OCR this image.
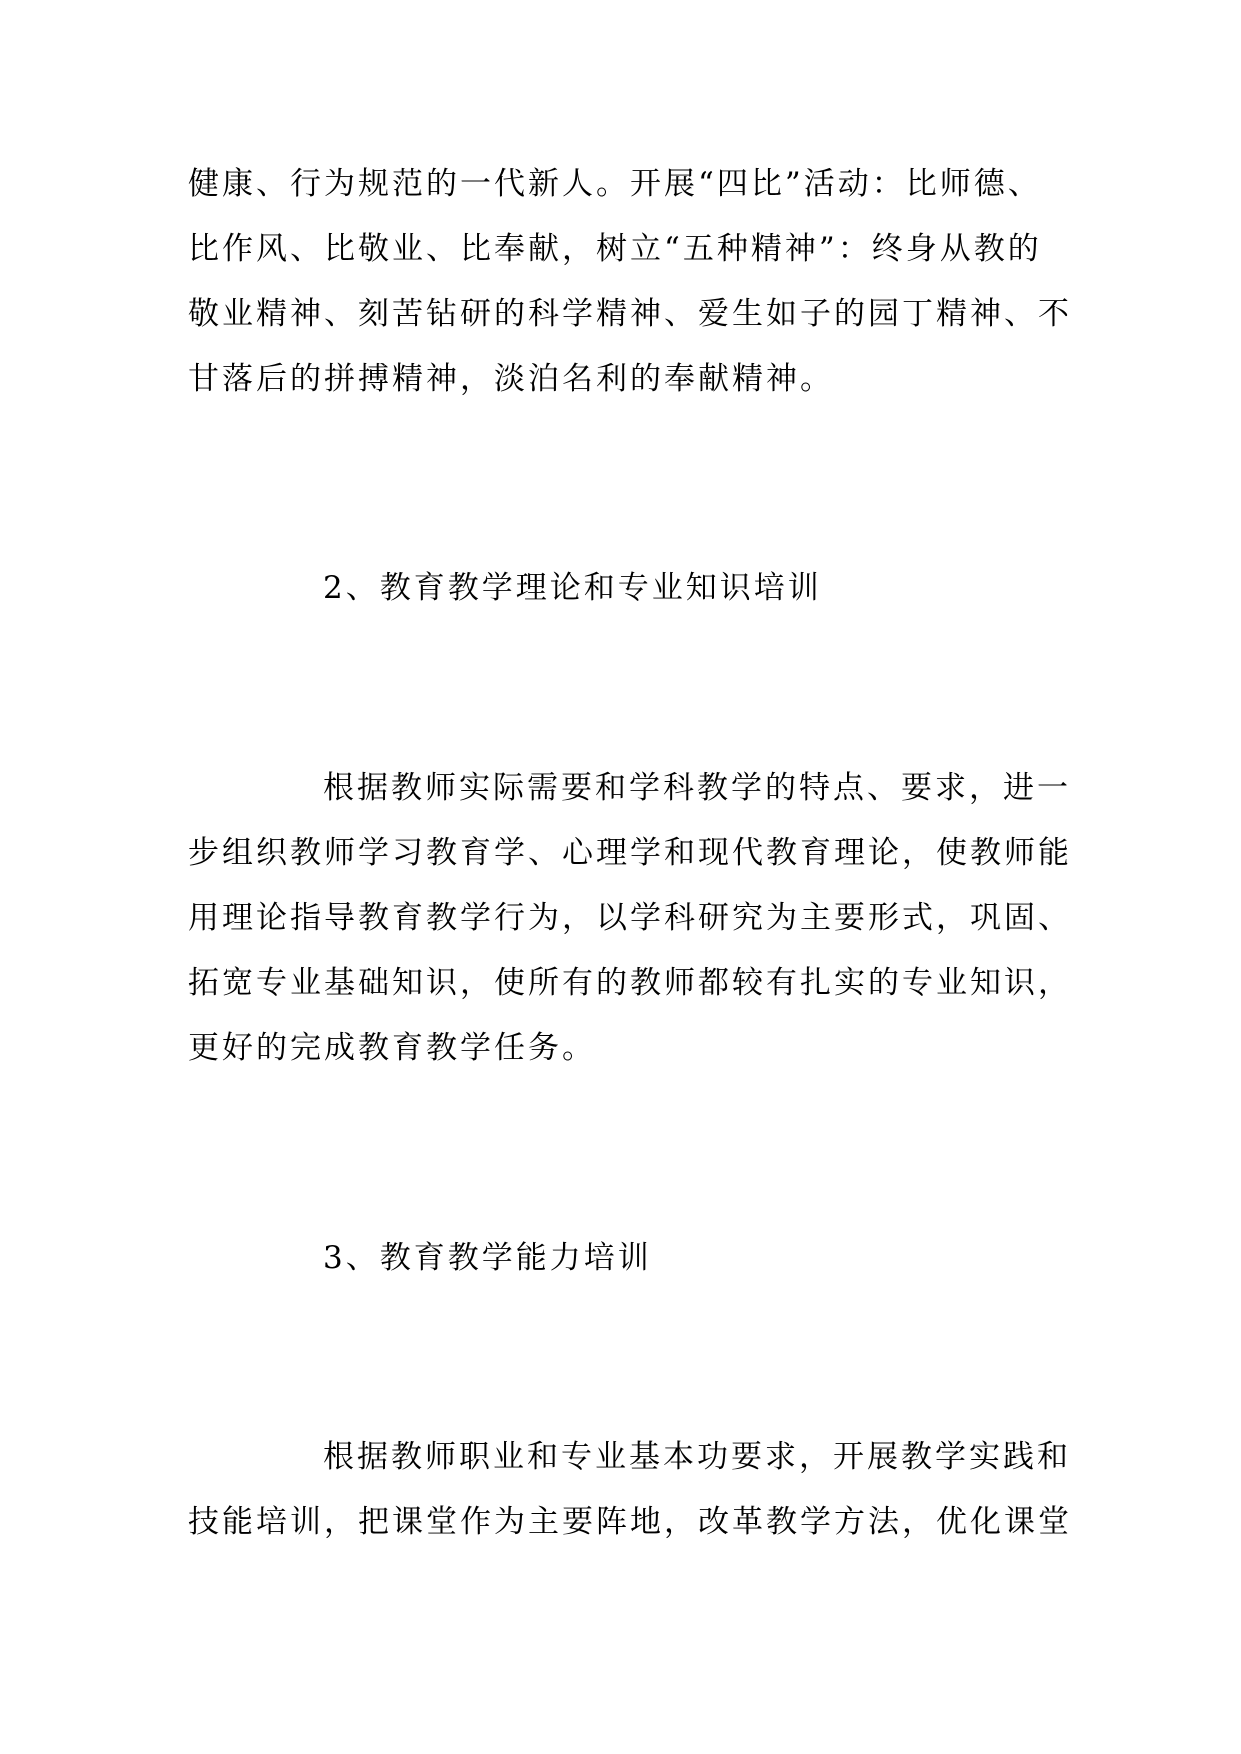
健康、行为规范的一代新人。开展“四比”活动：比师德、
比作风、比敬业、比奉献，树立“五种精神”：终身从教的
敬业精神、刻苦钻研的科学精神、爱生如子的园丁精神、不
甘落后的拼搏精神，淡泊名利的奉献精神。
2、教育教学理论和专业知识培训
根据教师实际需要和学科教学的特点、要求，进一
步组织教师学习教育学、心理学和现代教育理论，使教师能
用理论指导教育教学行为，以学科研究为主要形式，巩固、
拓宽专业基础知识，使所有的教师都较有扎实的专业知识，
更好的完成教育教学任务。
3、教育教学能力培训
根据教师职业和专业基本功要求，开展教学实践和
技能培训，把课堂作为主要阵地，改革教学方法，优化课堂
